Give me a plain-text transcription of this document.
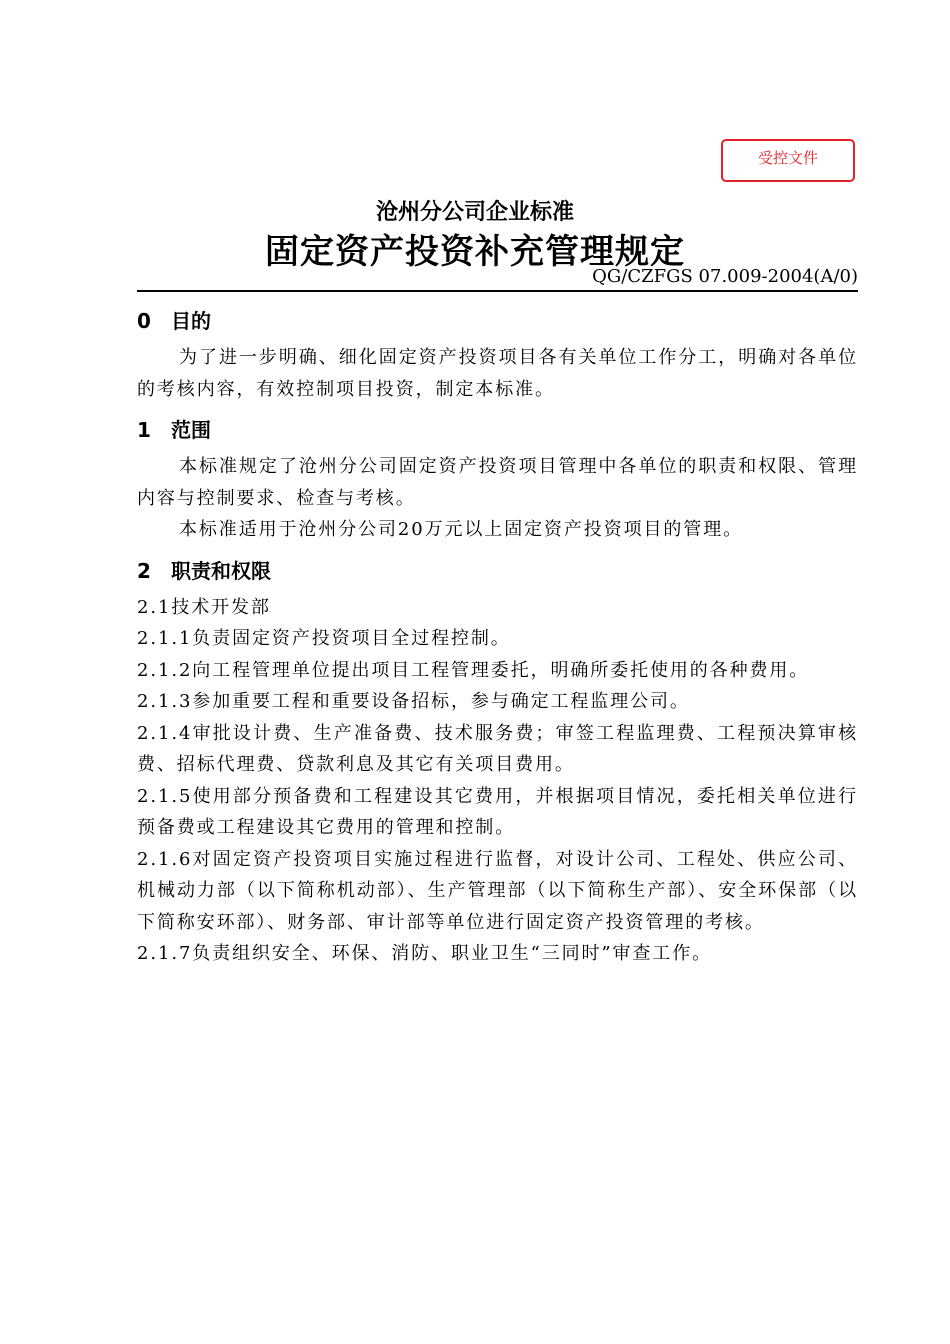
受控文件
沧州分公司企业标准
固定资产投资补充管理规定
QG/CZFGS 07.009-2004(A/0)
0 目的
为了进一步明确、细化固定资产投资项目各有关单位工作分工，明确对各单位的考核内容，有效控制项目投资，制定本标准。
1 范围
本标准规定了沧州分公司固定资产投资项目管理中各单位的职责和权限、管理内容与控制要求、检查与考核。
本标准适用于沧州分公司20万元以上固定资产投资项目的管理。
2 职责和权限
2.1技术开发部
2.1.1负责固定资产投资项目全过程控制。
2.1.2向工程管理单位提出项目工程管理委托，明确所委托使用的各种费用。
2.1.3参加重要工程和重要设备招标，参与确定工程监理公司。
2.1.4审批设计费、生产准备费、技术服务费；审签工程监理费、工程预决算审核费、招标代理费、贷款利息及其它有关项目费用。
2.1.5使用部分预备费和工程建设其它费用，并根据项目情况，委托相关单位进行预备费或工程建设其它费用的管理和控制。
2.1.6对固定资产投资项目实施过程进行监督，对设计公司、工程处、供应公司、机械动力部（以下简称机动部）、生产管理部（以下简称生产部）、安全环保部（以下简称安环部）、财务部、审计部等单位进行固定资产投资管理的考核。
2.1.7负责组织安全、环保、消防、职业卫生“三同时”审查工作。
